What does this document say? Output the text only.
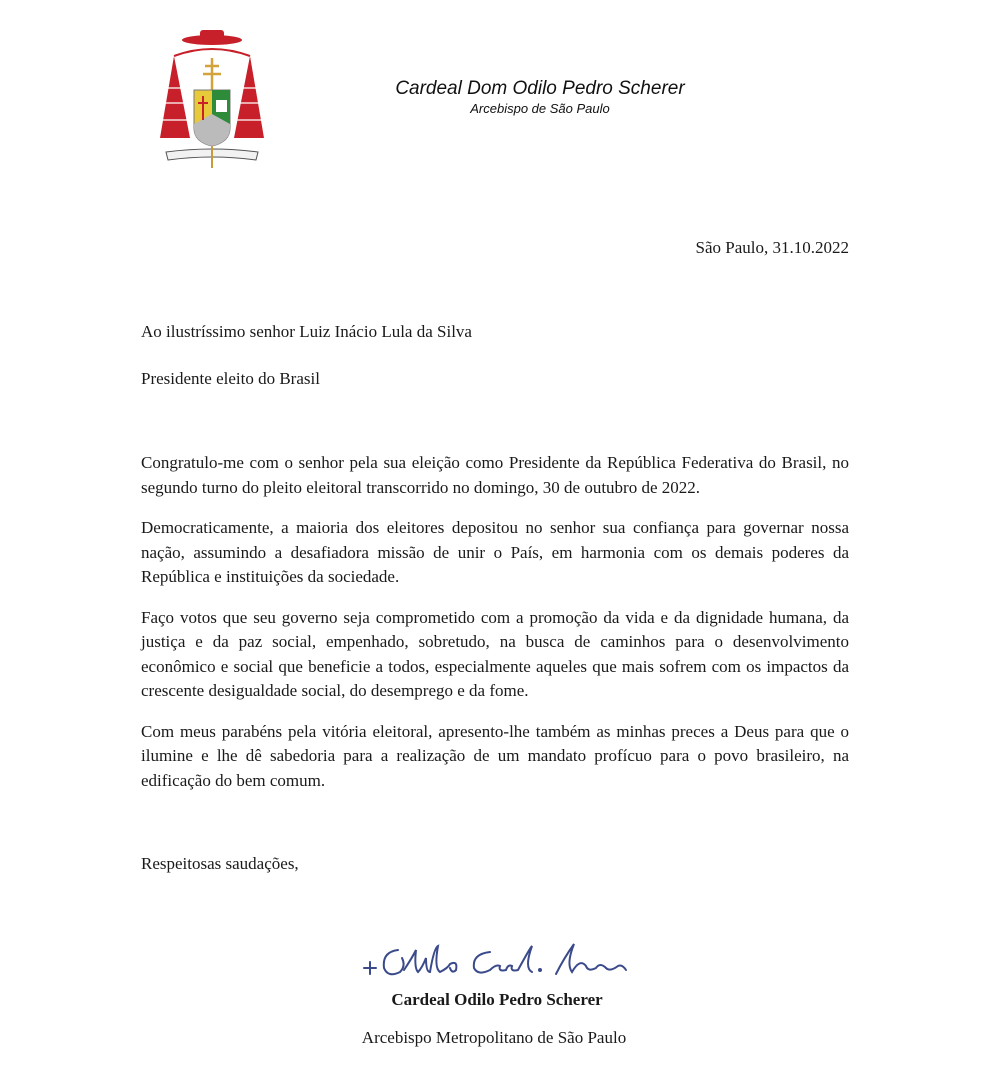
Cardeal Dom Odilo Pedro Scherer
Arcebispo de São Paulo
São Paulo, 31.10.2022
Ao ilustríssimo senhor Luiz Inácio Lula da Silva
Presidente eleito do Brasil

Congratulo-me com o senhor pela sua eleição como Presidente da República Federativa do Brasil, no segundo turno do pleito eleitoral transcorrido no domingo, 30 de outubro de 2022.

Democraticamente, a maioria dos eleitores depositou no senhor sua confiança para governar nossa nação, assumindo a desafiadora missão de unir o País, em harmonia com os demais poderes da República e instituições da sociedade.

Faço votos que seu governo seja comprometido com a promoção da vida e da dignidade humana, da justiça e da paz social, empenhado, sobretudo, na busca de caminhos para o desenvolvimento econômico e social que beneficie a todos, especialmente aqueles que mais sofrem com os impactos da crescente desigualdade social, do desemprego e da fome.

Com meus parabéns pela vitória eleitoral, apresento-lhe também as minhas preces a Deus para que o ilumine e lhe dê sabedoria para a realização de um mandato profícuo para o povo brasileiro, na edificação do bem comum.

Respeitosas saudações,
Cardeal Odilo Pedro Scherer
Arcebispo Metropolitano de São Paulo
